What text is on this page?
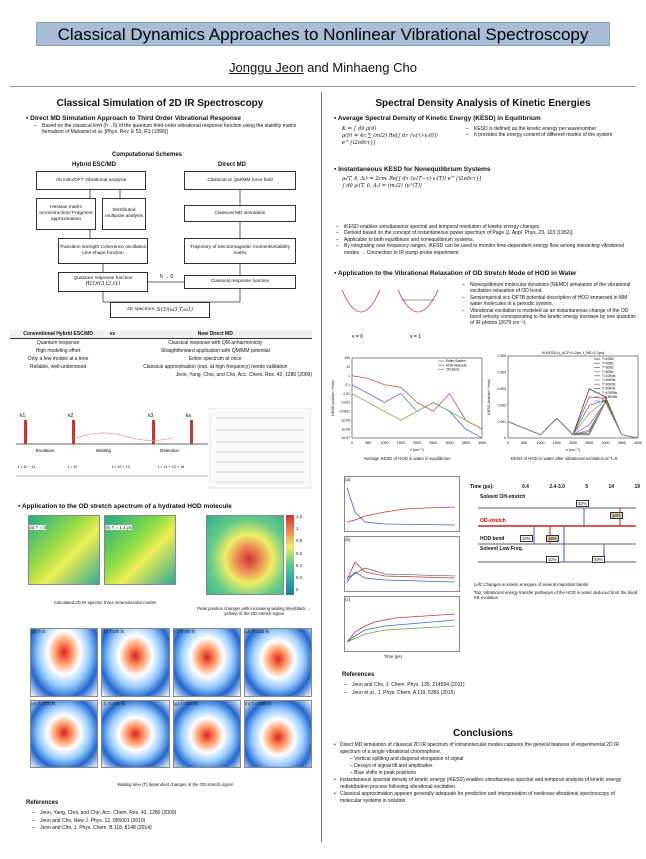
Classical Dynamics Approaches to Nonlinear Vibrational Spectroscopy
Jonggu Jeon and Minhaeng Cho
Classical Simulation of 2D IR Spectroscopy
▪ Direct MD Simulation Approach to Third Order Vibrational Response
– Based on the classical limit (ħ→0) of the quantum third-order vibrational response function using the stability matrix formalism of Mukamel et al. [Phys. Rev. E 53, R1 (1996)]
Computational Schemes
Hybrid ESC/MD	Direct MD
Ab initio/DFT Vibrational analysis	Classical or QM/MM force field
Hessian matrix reconstruction/ Fragment approximation
Distributed multipole analysis
Classical MD simulation
Transition strength Coherence oscillation Line shape function
Trajectory of electromagnetic moments/stability matrix
Quantum response function
R(3)(t3,t2,t1)
ħ → 0
Classical response function
2D spectrum:
S(3)(ω3,T,ω1)
Conventional Hybrid ESC/MD	vs	New Direct MD
Quantum response		Classical response with QM anharmonicity
High modeling effort		Straightforward application with QM/MM potential
Only a few modes at a time		Entire spectrum at once
Reliable, well-understood		Classical approximation (esp. at high frequency) needs validation
Jeon, Yang, Choi, and Cho, Acc. Chem. Res. 42, 1280 (2009)
k1	k2	k3	ks
Evolution	Waiting	Detection
t = t1 − τ1	t = τ2	t = τ2 + τ3	t = τ1 + τ2 + τ3
▪ Application to the OD stretch spectrum of a hydrated HOD molecule
(a) T = 0	(b) T = 1.1 ps
Calculated 2D IR spectra: three intramolecular modes
1.2
1
0.8
0.6
0.4
0.2
0
Peak position changes with increasing waiting time(black → yellow) of the OD stretch signal
(a) T=0	(b) T=20 fs	(c) T=40 fs	(d) T=100 fs
(e) T=200 fs	(f) T=300 fs	(g) T=500 fs	(h) T=1000 fs
Waiting time (T) dependent changes of the OD stretch signal
References
– Jeon, Yang, Choi, and Cho, Acc. Chem. Res. 42, 1280 (2009)
– Jeon and Cho, New J. Phys. 12, 065001 (2010)
– Jeon and Cho, J. Phys. Chem. B 118, 8148 (2014)
Spectral Density Analysis of Kinetic Energies
▪ Average Spectral Density of Kinetic Energy (KESD) in Equilibrium
K = ∫ dν̄ ρ(ν̄)
ρ(ν̄) = 4c ∑ (m/2) Re[∫ dτ ⟨vᵢ(τ)·vᵢ(0)⟩ e^{i2πν̄cτ}]
– KESD is defined as the kinetic energy per wavenumber
– It provides the energy content of different modes of the system
▪ Instantaneous KESD for Nonequilibrium Systems
ρᵢ(T, ν̄, Δₜ) = 2cmᵢ Re[∫ dτ ⟨vᵢ(T−τ)·vᵢ(T)⟩ e^{i2πν̄cτ}]
∫ dν̄ ρᵢ(T, ν̄, Δₜ) = (mᵢ/2) ⟨vᵢ²(T)⟩
– iKESD enables simultaneous spectral and temporal resolution of kinetic energy changes.
– Derived based on the concept of instantaneous power spectrum of Page [J. Appl. Phys. 23, 103 (1952)]
– Applicable to both equilibrium and nonequilibrium systems.
– By integrating over frequency ranges, iKESD can be used to monitor time-dependent energy flow among interacting vibrational modes → Connection to IR pump-probe experiment
▪ Application to the Vibrational Relaxation of OD Stretch Mode of HOD in Water
v = 0	v = 1
– Nonequilibrium molecular dynamics (NEMD) simulation of the vibrational excitation-relaxation of OD bond.
– Semiempirical scc-DFTB potential description of HOD immersed in MM water molecules in a periodic system.
– Vibrational excitation is modeled as an instantaneous change of the OD bond velocity corresponding to the kinetic energy increase by one quantum of IR photon (2679 cm⁻¹).
0	500	1000 1500 2000 2500 3000 3500 4000
100
10
1
0.1
0.01
0.001
0.0001
1e-05
1e-06
1e-07
ν̄ (cm⁻¹)
KESD (kcal/cm⁻¹/mol)
Entire System
HOD Molecule
OD Bond
0	500	1000 1500 2000 2500 3000 3500 4000
0.005
0.004
0.003
0.002
0.001
0
ν̄ (cm⁻¹)
KESD (kcal/cm⁻¹/mol)
iII-KESD (t_ACF=0.2ps, t_NE=0.1ps)
T=100fs
T=200fs
T=300fs
T=500fs
T=1000fs
T=2000fs
T=3000fs
T=5000fs
T=10000fs
T=15000fs
Eq.
Average KESD of HOD in water in equilibrium	KESD of HOD in water after vibrational excitation at T=0
(a)
(b)
(c)
Time (ps)
Time (ps):	0.4	2.4-3.0	5	14	19
Solvent OH-stretch
OD-stretch
HOD bend
Solvent Low Freq.
32%
33%
19%	19%
10%	59%
Left: Changes in kinetic energies of several important bands
Top: Vibrational energy transfer pathways of the HOD in water deduced from the band KE evolution
References
– Jeon and Cho, J. Chem. Phys. 135, 214504 (2011)
– Jeon et al., J. Phys. Chem. A 119, 5356 (2015)
Conclusions
• Direct MD simulation of classical 2D IR spectrum of intramolecular modes captures the general features of experimental 2D IR spectrum of a single vibrational chromophore.
– Vertical splitting and diagonal elongation of signal
– Decays of signal tilt and amplitudes
– Blue shifts in peak positions
• Instantaneous spectral density of kinetic energy (iKESD) enables simultaneous spectral and temporal analysis of kinetic energy redistribution process following vibrational excitation.
• Classical approximation appears generally adequate for prediction and interpretation of nonlinear vibrational spectroscopy of molecular systems in solution.
